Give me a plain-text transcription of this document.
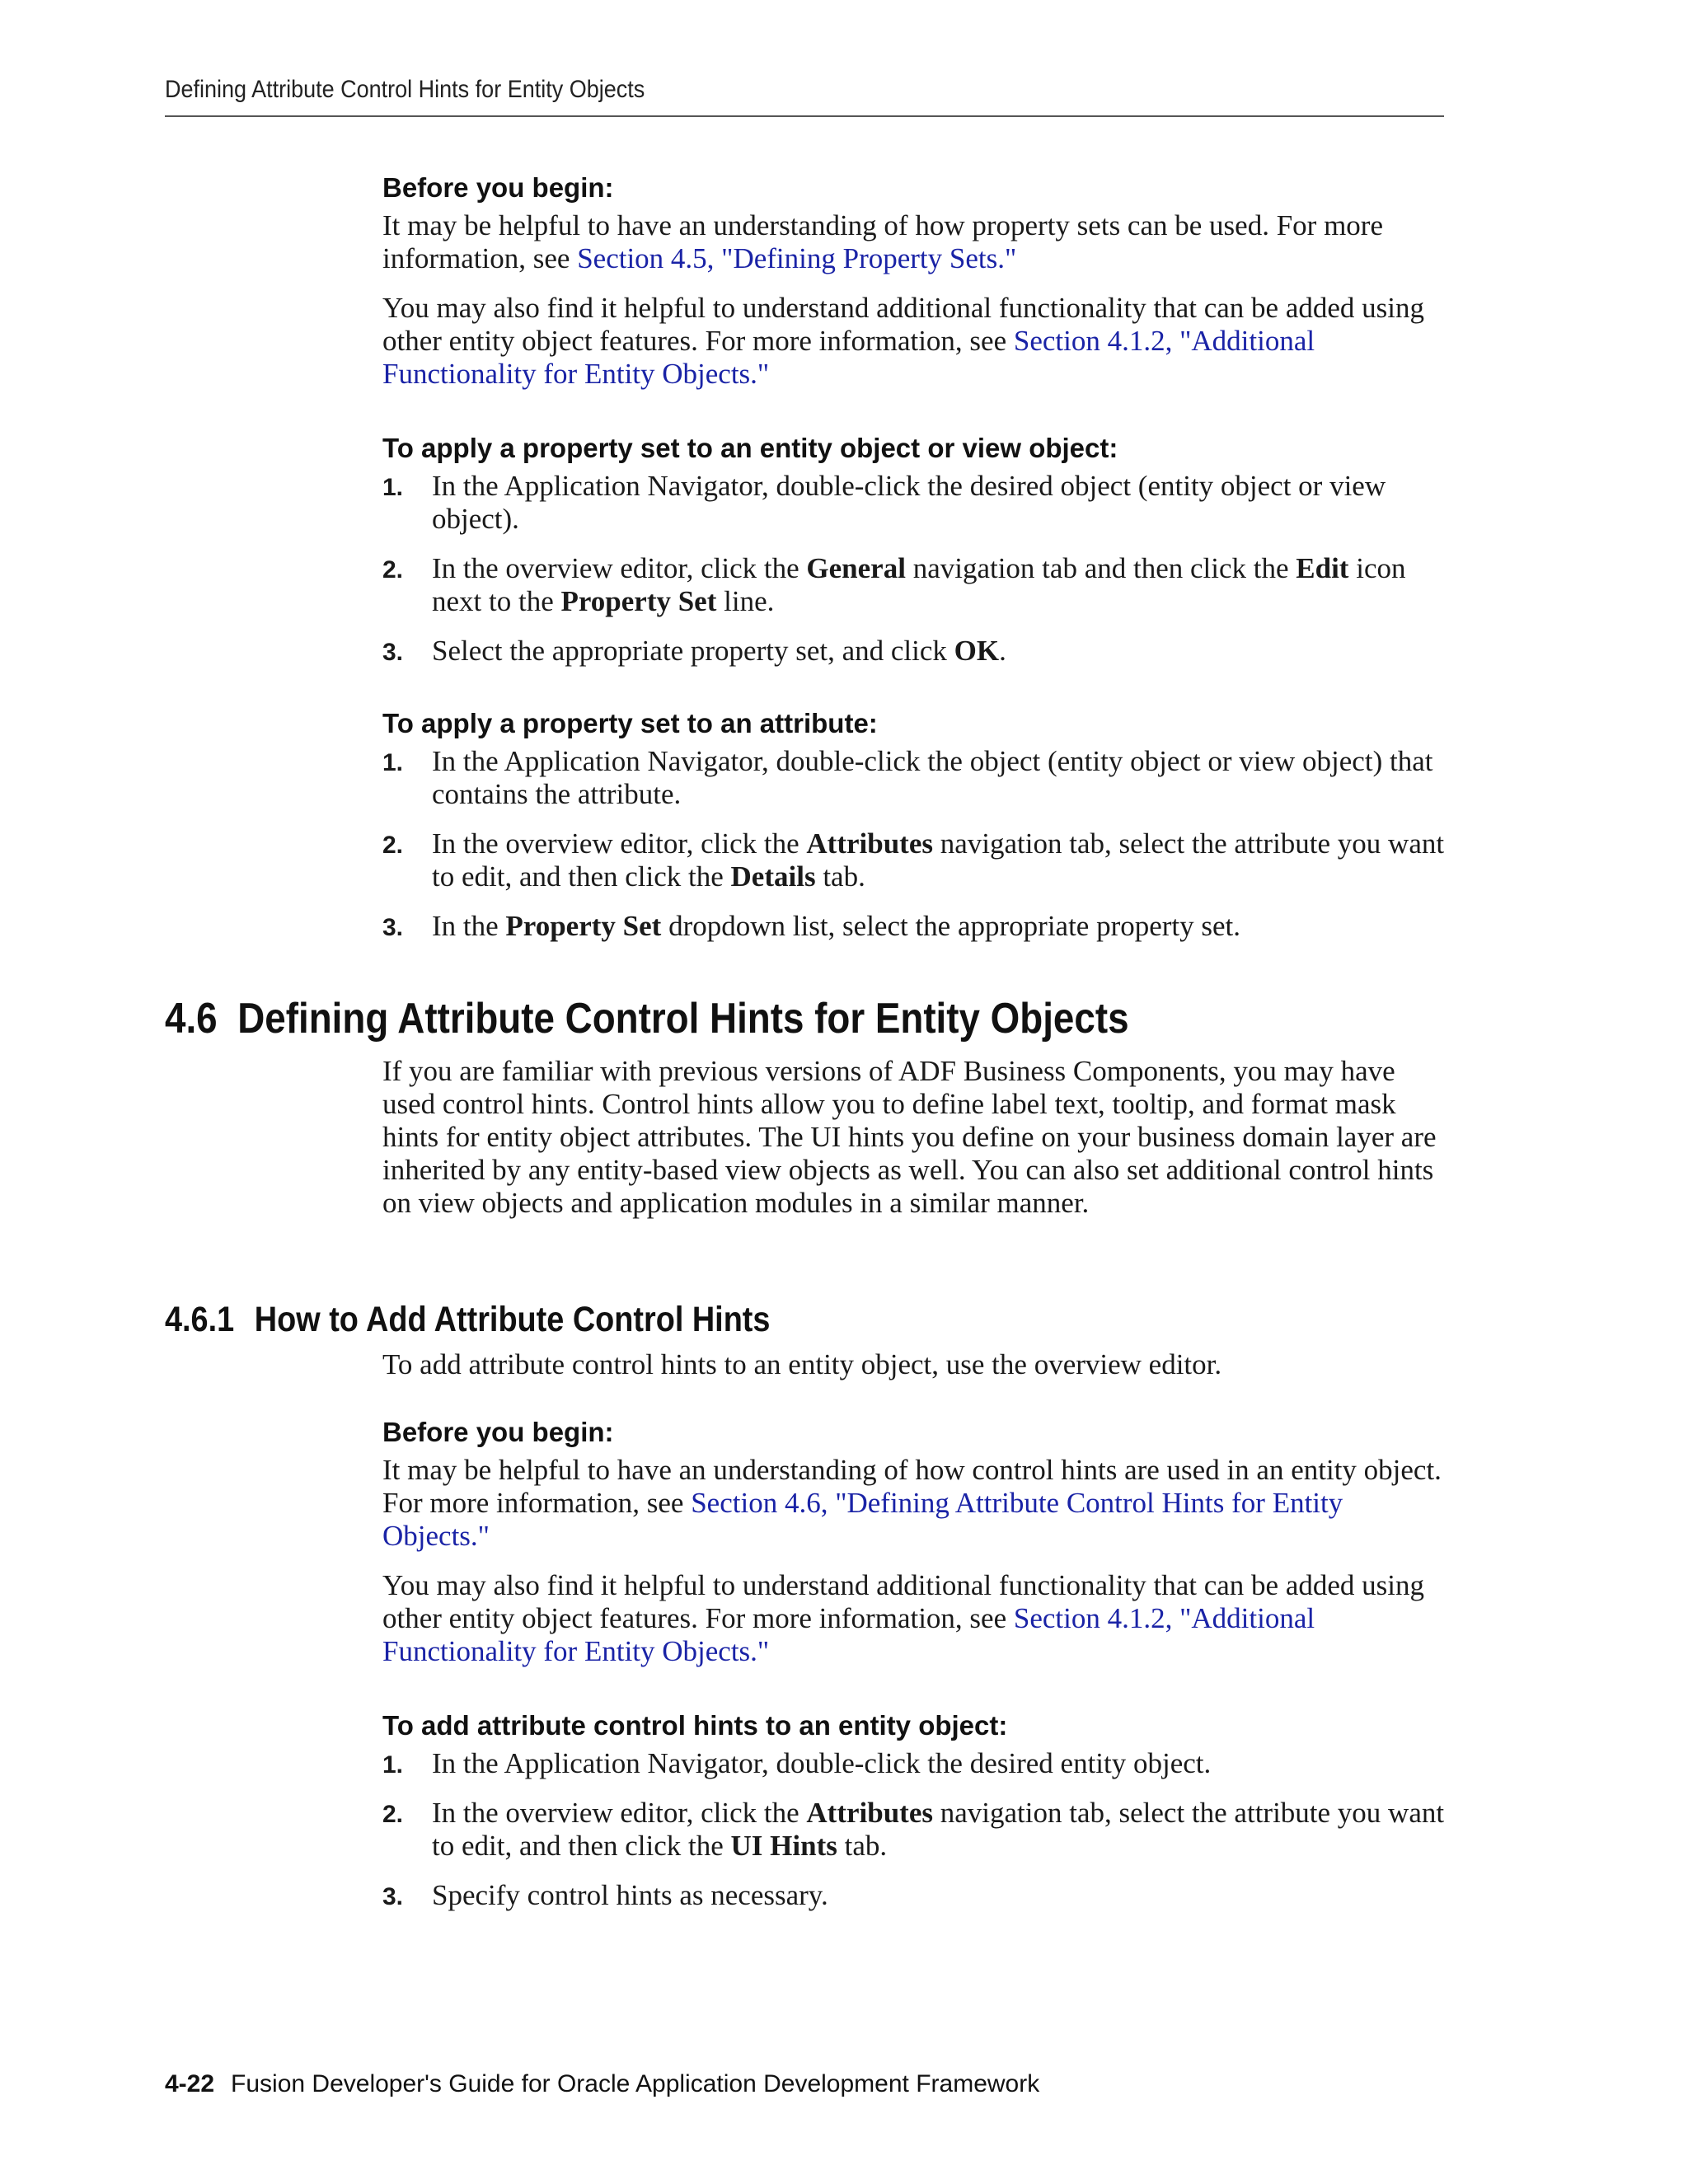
Defining Attribute Control Hints for Entity Objects
Before you begin:

It may be helpful to have an understanding of how property sets can be used. For more information, see Section 4.5, "Defining Property Sets."

You may also find it helpful to understand additional functionality that can be added using other entity object features. For more information, see Section 4.1.2, "Additional Functionality for Entity Objects."

To apply a property set to an entity object or view object:
1. In the Application Navigator, double-click the desired object (entity object or view object).
2. In the overview editor, click the General navigation tab and then click the Edit icon next to the Property Set line.
3. Select the appropriate property set, and click OK.
To apply a property set to an attribute:
1. In the Application Navigator, double-click the object (entity object or view object) that contains the attribute.
2. In the overview editor, click the Attributes navigation tab, select the attribute you want to edit, and then click the Details tab.
3. In the Property Set dropdown list, select the appropriate property set.
4.6 Defining Attribute Control Hints for Entity Objects

If you are familiar with previous versions of ADF Business Components, you may have used control hints. Control hints allow you to define label text, tooltip, and format mask hints for entity object attributes. The UI hints you define on your business domain layer are inherited by any entity-based view objects as well. You can also set additional control hints on view objects and application modules in a similar manner.

4.6.1 How to Add Attribute Control Hints

To add attribute control hints to an entity object, use the overview editor.

Before you begin:

It may be helpful to have an understanding of how control hints are used in an entity object. For more information, see Section 4.6, "Defining Attribute Control Hints for Entity Objects."

You may also find it helpful to understand additional functionality that can be added using other entity object features. For more information, see Section 4.1.2, "Additional Functionality for Entity Objects."

To add attribute control hints to an entity object:
1. In the Application Navigator, double-click the desired entity object.
2. In the overview editor, click the Attributes navigation tab, select the attribute you want to edit, and then click the UI Hints tab.
3. Specify control hints as necessary.
4-22 Fusion Developer's Guide for Oracle Application Development Framework
